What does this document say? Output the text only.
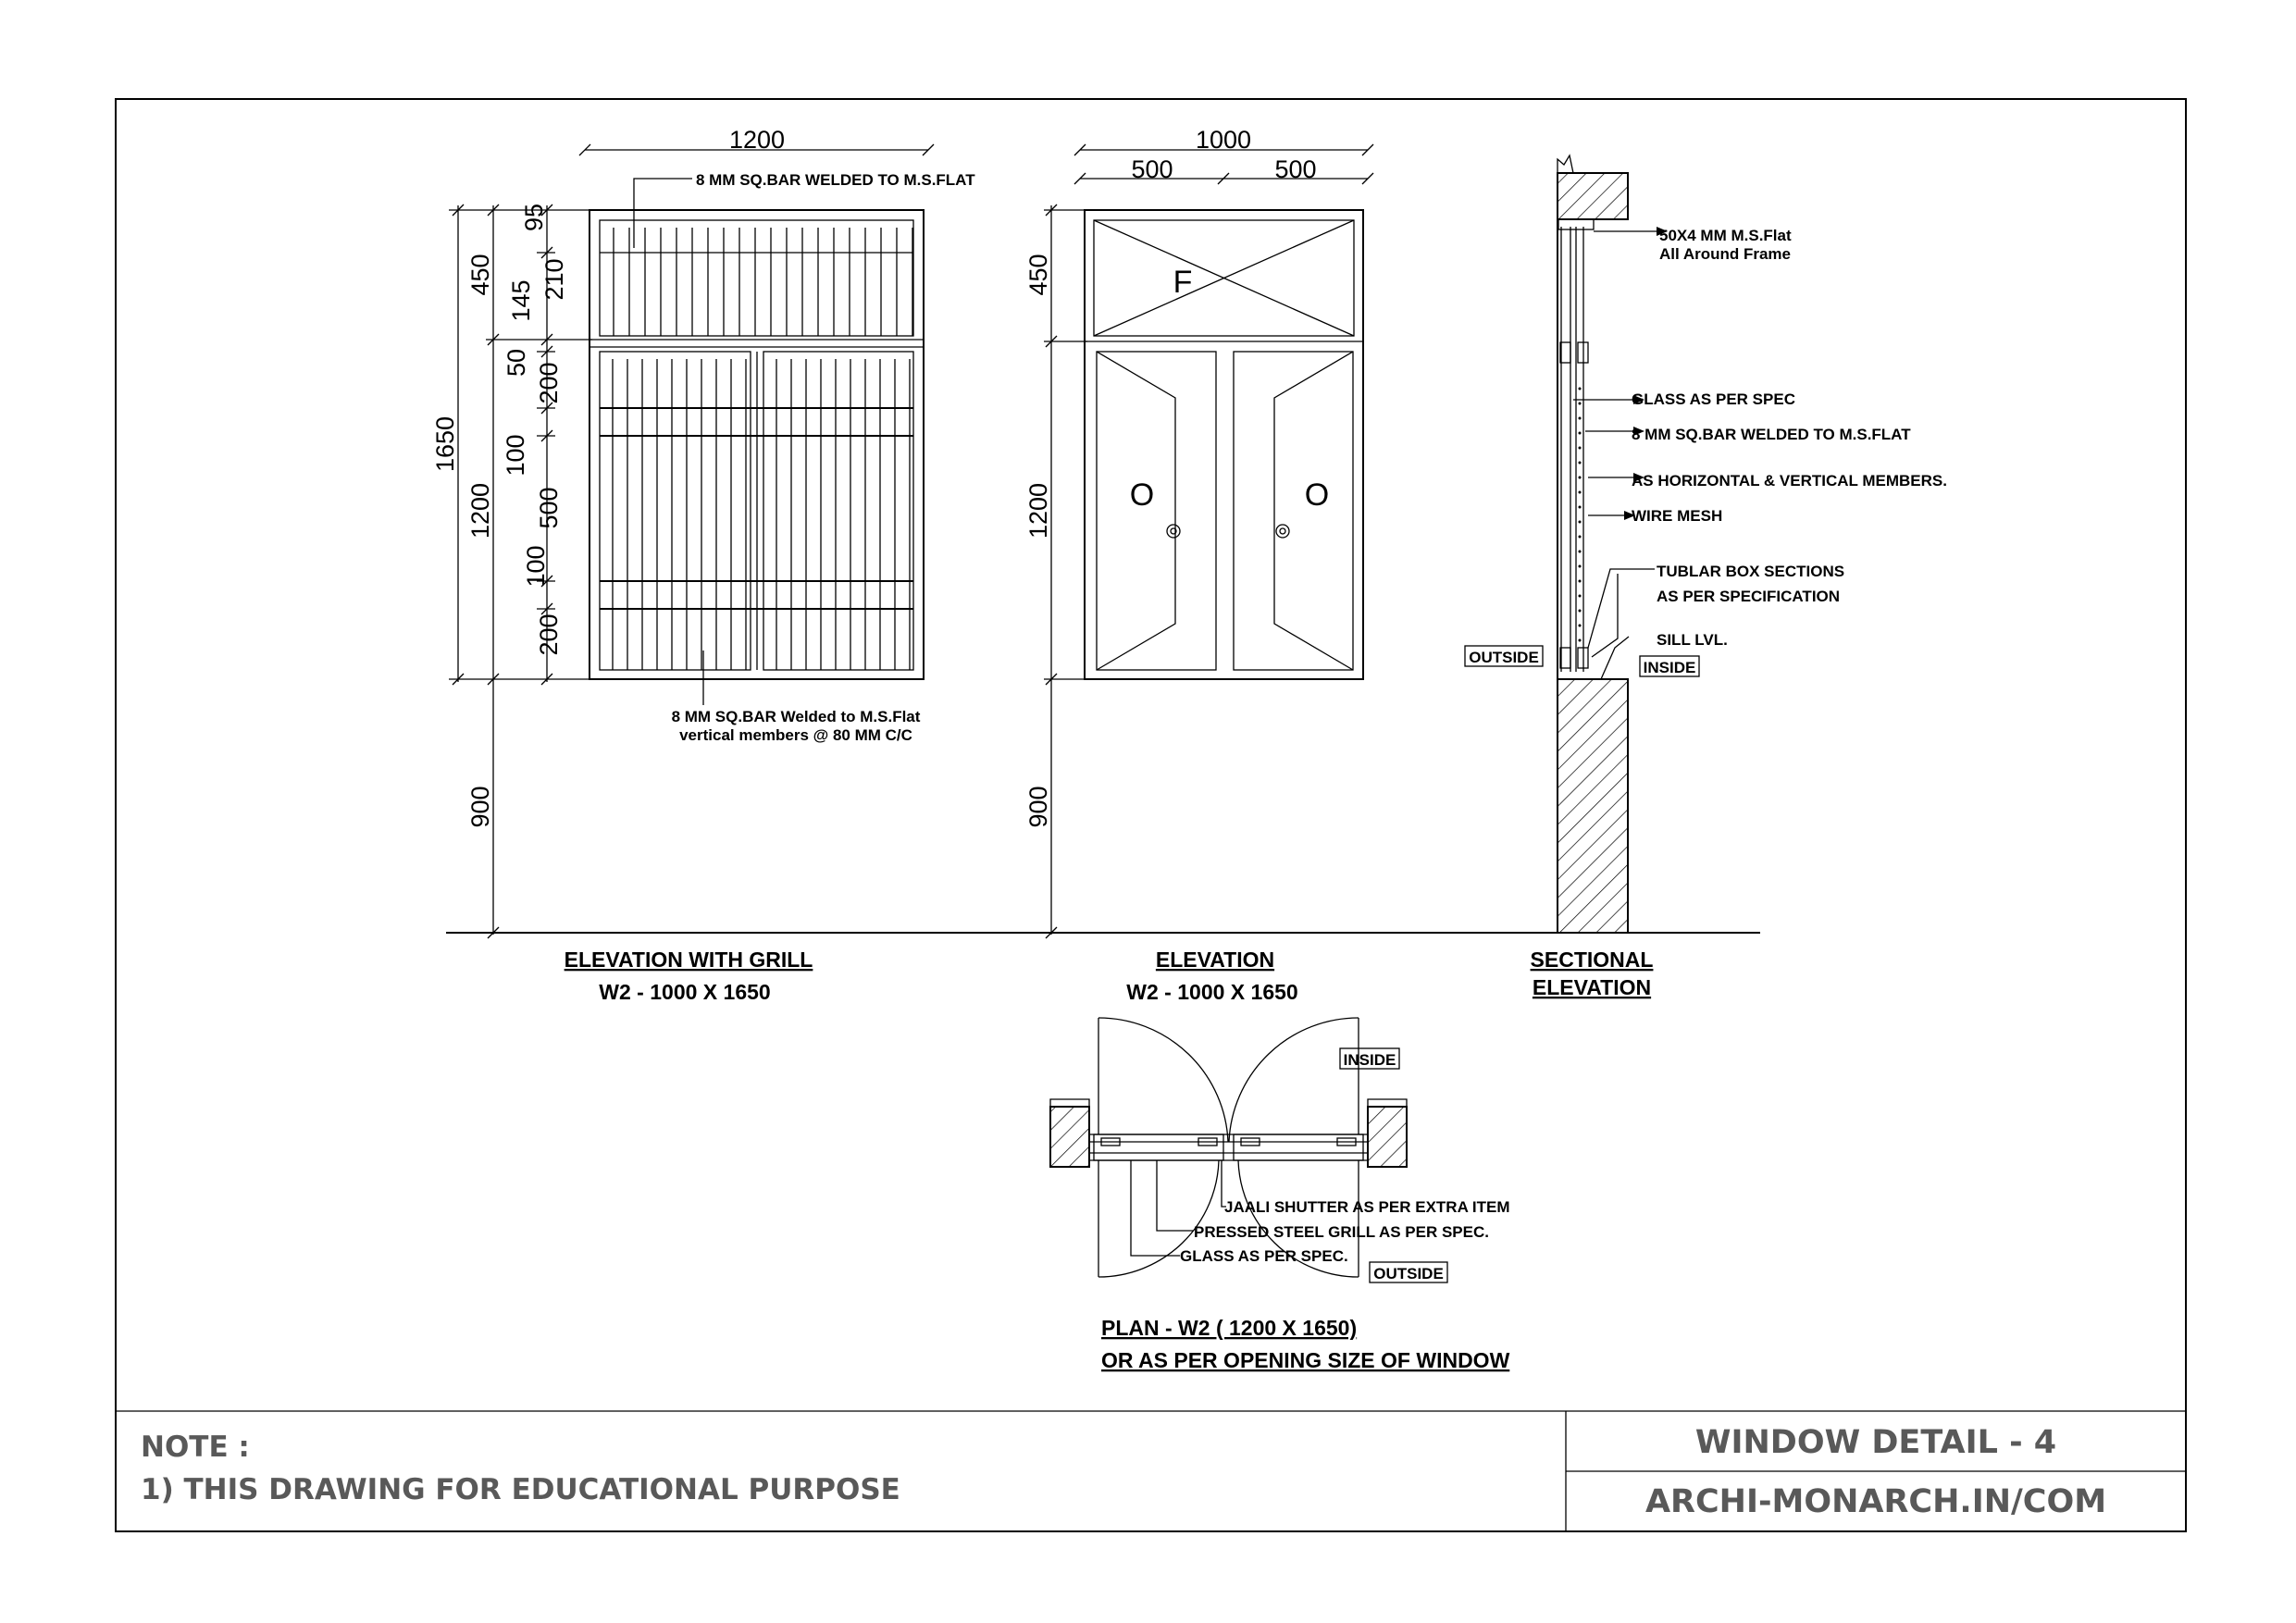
1200
1650
450
1200
900
95
210
145
50 200
100
500
100
200
8 MM SQ.BAR WELDED TO M.S.FLAT
8 MM SQ.BAR Welded to M.S.Flat
vertical members @ 80 MM C/C
ELEVATION WITH GRILL
W2 - 1000 X 1650
F
O	O
1000
500	500
450
1200
900
ELEVATION
W2 - 1000 X 1650
50X4 MM M.S.Flat
All Around Frame
GLASS AS PER SPEC
8 MM SQ.BAR WELDED TO M.S.FLAT
AS HORIZONTAL & VERTICAL MEMBERS.
WIRE MESH
TUBLAR BOX SECTIONS
AS PER SPECIFICATION
SILL LVL.
OUTSIDE
INSIDE
SECTIONAL
ELEVATION
JAALI SHUTTER AS PER EXTRA ITEM
PRESSED STEEL GRILL AS PER SPEC.
GLASS AS PER SPEC.
INSIDE
OUTSIDE
PLAN - W2 ( 1200 X 1650)
OR AS PER OPENING SIZE OF WINDOW
NOTE :
1) THIS DRAWING FOR EDUCATIONAL PURPOSE
WINDOW DETAIL - 4
ARCHI-MONARCH.IN/COM
